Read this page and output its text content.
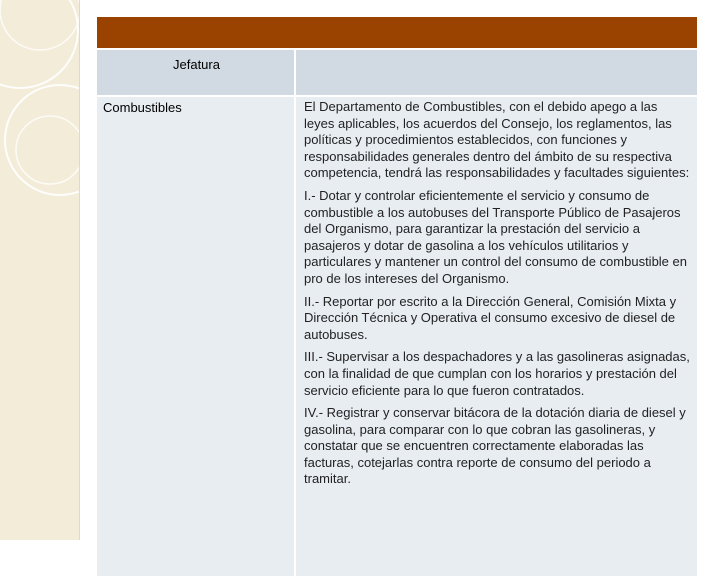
Jefatura
Combustibles	El Departamento de Combustibles, con el debido apego a las leyes aplicables, los acuerdos del Consejo, los reglamentos, las políticas y procedimientos establecidos, con funciones y responsabilidades generales dentro del ámbito de su respectiva competencia, tendrá las responsabilidades y facultades siguientes:

I.- Dotar y controlar eficientemente el servicio y consumo de combustible a los autobuses del Transporte Público de Pasajeros del Organismo, para garantizar la prestación del servicio a pasajeros y dotar de gasolina a los vehículos utilitarios y particulares y mantener un control del consumo de combustible en pro de los intereses del Organismo.

II.- Reportar por escrito a la Dirección General, Comisión Mixta y Dirección Técnica y Operativa el consumo excesivo de diesel de autobuses.

III.- Supervisar a los despachadores y a las gasolineras asignadas, con la finalidad de que cumplan con los horarios y prestación del servicio eficiente para lo que fueron contratados.

IV.- Registrar y conservar bitácora de la dotación diaria de diesel y gasolina, para comparar con lo que cobran las gasolineras, y constatar que se encuentren correctamente elaboradas las facturas, cotejarlas contra reporte de consumo del periodo a tramitar.
